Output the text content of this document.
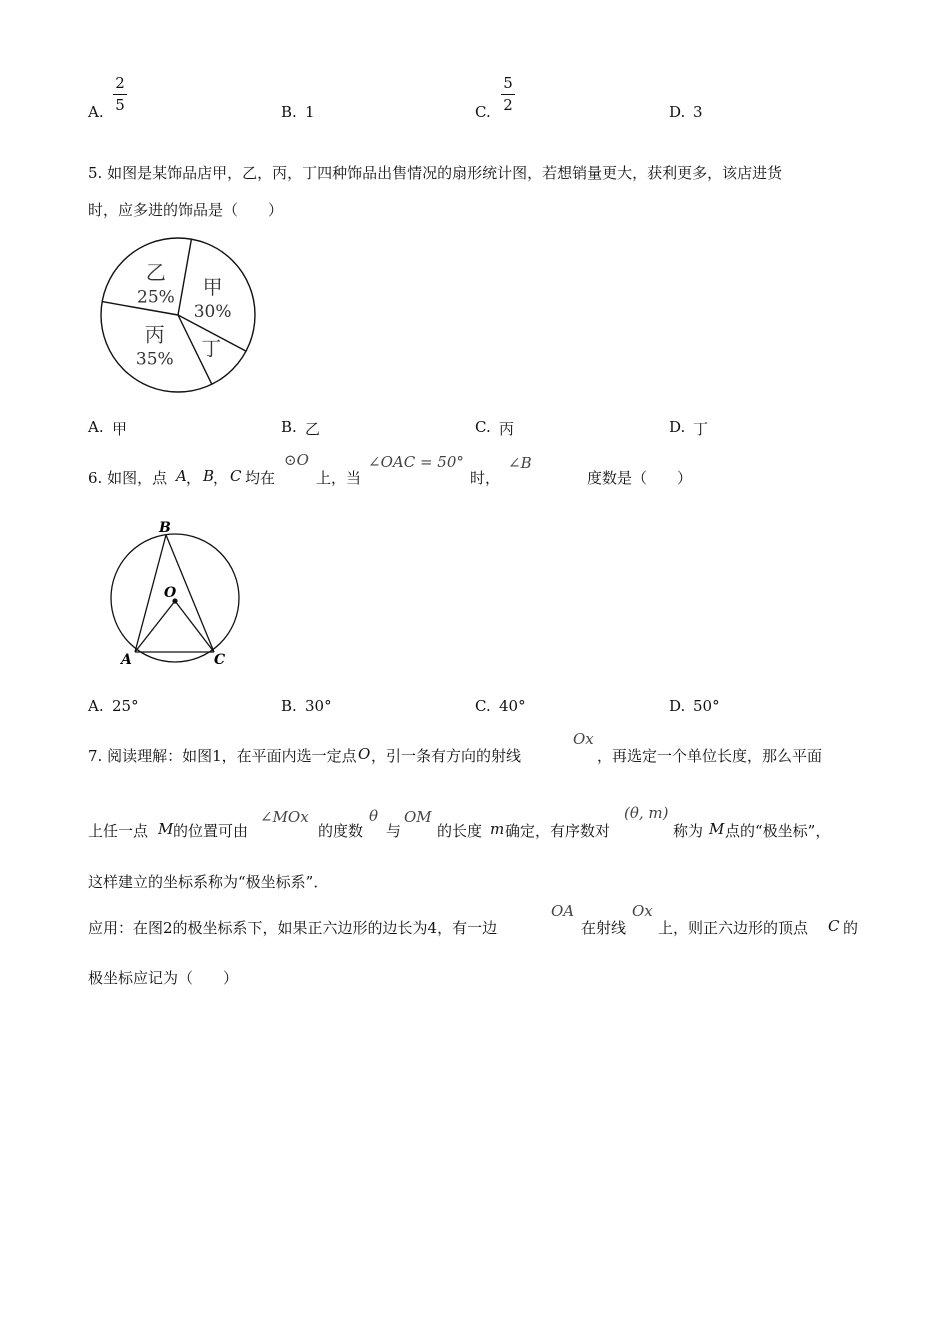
A.
2
5	B. 1	C.
5
2	D. 3
5. 如图是某饰品店甲，乙，丙，丁四种饰品出售情况的扇形统计图，若想销量更大，获利更多，该店进货
时，应多进的饰品是（　　）
甲
30%
丁
丙
35%
乙
25%
A. 甲	B. 乙	C. 丙	D. 丁
6. 如图，点 A ， B
， C 均在
⊙O
上，当
∠OAC = 50°
时，
∠B
度数是（　　）
B
O
A	C
A. 25°	B. 30°	C. 40°	D. 50°
7. 阅读理解：如图1，在平面内选一定点 O ，引一条有方向的射线
Ox
，再选定一个单位长度，那么平面
上任一点 M 的位置可由
∠MOx
的度数
θ
与
OM
的长度 m 确定，有序数对
(θ, m)
称为 M 点的“极坐标”，
这样建立的坐标系称为“极坐标系”．
应用：在图2的极坐标系下，如果正六边形的边长为4，有一边
OA
在射线
Ox
上，则正六边形的顶点 C 的
极坐标应记为（　　）
